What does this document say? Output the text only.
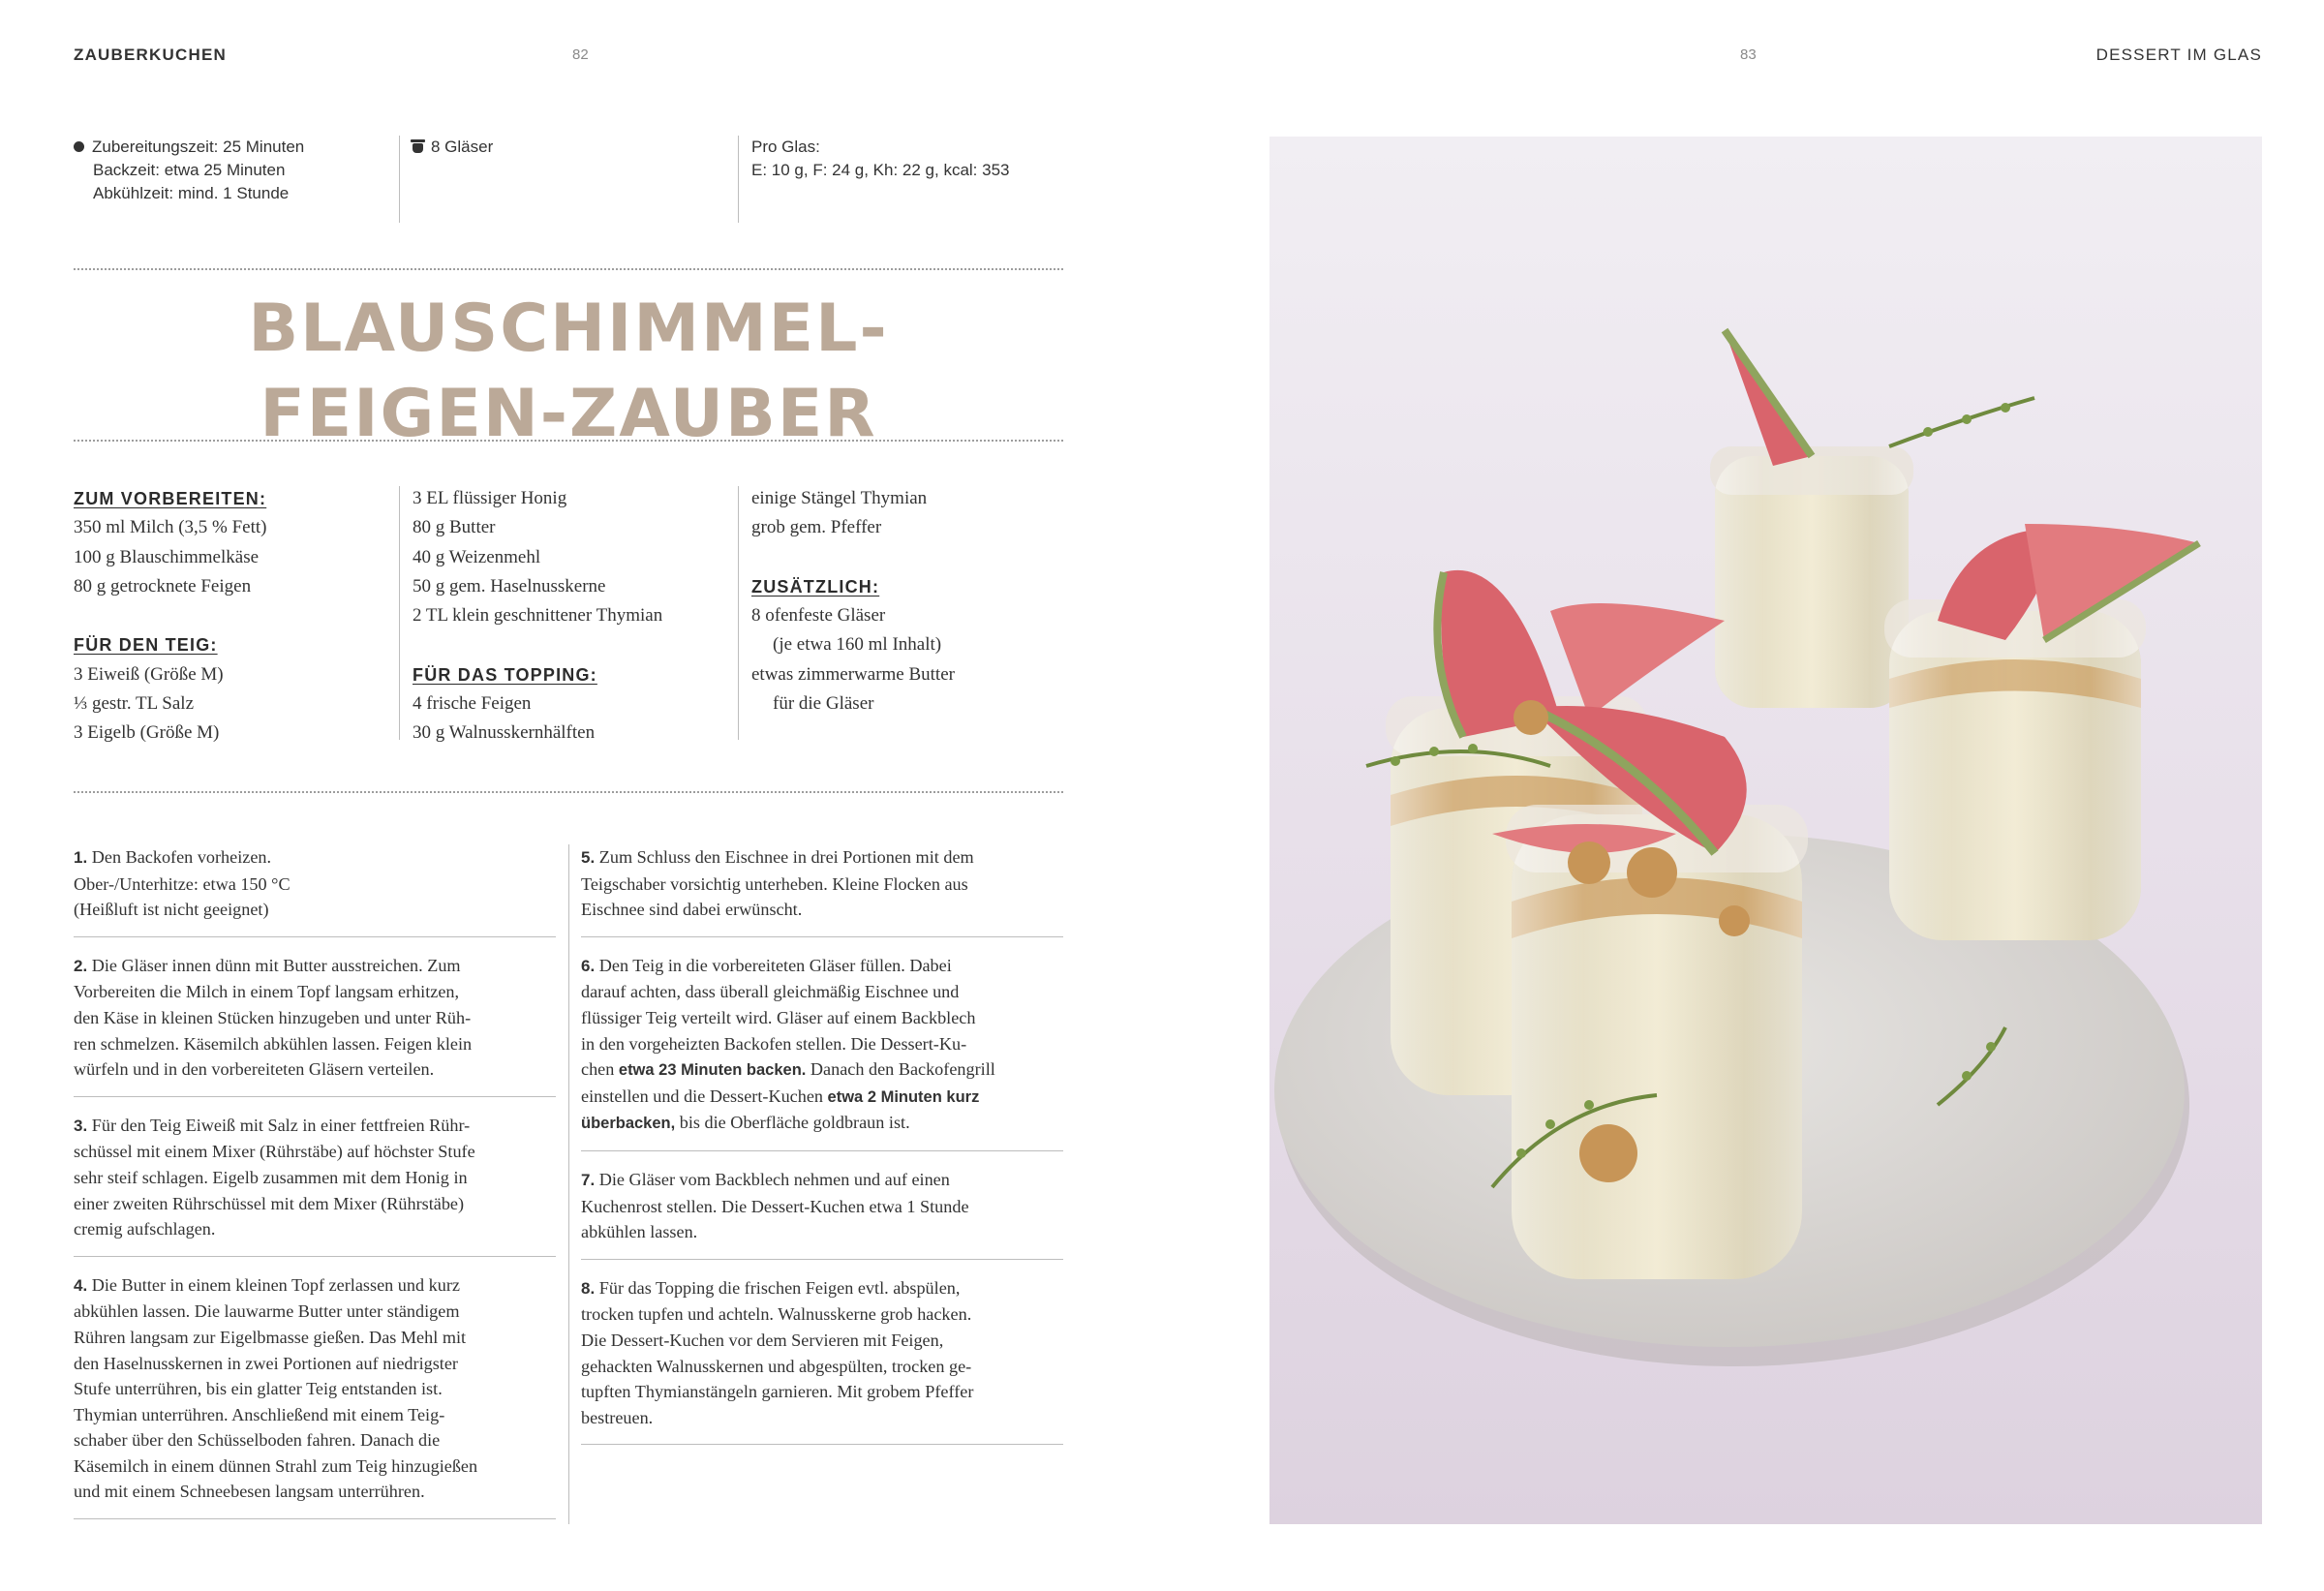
ZAUBERKUCHEN	82	83	DESSERT IM GLAS
Zubereitungszeit: 25 Minuten
Backzeit: etwa 25 Minuten
Abkühlzeit: mind. 1 Stunde
8 Gläser	Pro Glas:
E: 10 g, F: 24 g, Kh: 22 g, kcal: 353
BLAUSCHIMMEL-
FEIGEN-ZAUBER
ZUM VORBEREITEN:
350 ml Milch (3,5 % Fett)
100 g Blauschimmelkäse
80 g getrocknete Feigen
FÜR DEN TEIG:
3 Eiweiß (Größe M)
⅓ gestr. TL Salz
3 Eigelb (Größe M)
3 EL flüssiger Honig
80 g Butter
40 g Weizenmehl
50 g gem. Haselnusskerne
2 TL klein geschnittener Thymian
FÜR DAS TOPPING:
4 frische Feigen
30 g Walnusskernhälften
einige Stängel Thymian
grob gem. Pfeffer
ZUSÄTZLICH:
8 ofenfeste Gläser
(je etwa 160 ml Inhalt)
etwas zimmerwarme Butter
für die Gläser

1. Den Backofen vorheizen.
Ober-/Unterhitze: etwa 150 °C
(Heißluft ist nicht geeignet)

2. Die Gläser innen dünn mit Butter ausstreichen. Zum
Vorbereiten die Milch in einem Topf langsam erhitzen,
den Käse in kleinen Stücken hinzugeben und unter Rüh-
ren schmelzen. Käsemilch abkühlen lassen. Feigen klein
würfeln und in den vorbereiteten Gläsern verteilen.

3. Für den Teig Eiweiß mit Salz in einer fettfreien Rühr-
schüssel mit einem Mixer (Rührstäbe) auf höchster Stufe
sehr steif schlagen. Eigelb zusammen mit dem Honig in
einer zweiten Rührschüssel mit dem Mixer (Rührstäbe)
cremig aufschlagen.

4. Die Butter in einem kleinen Topf zerlassen und kurz
abkühlen lassen. Die lauwarme Butter unter ständigem
Rühren langsam zur Eigelbmasse gießen. Das Mehl mit
den Haselnusskernen in zwei Portionen auf niedrigster
Stufe unterrühren, bis ein glatter Teig entstanden ist.
Thymian unterrühren. Anschließend mit einem Teig-
schaber über den Schüsselboden fahren. Danach die
Käsemilch in einem dünnen Strahl zum Teig hinzugießen
und mit einem Schneebesen langsam unterrühren.

5. Zum Schluss den Eischnee in drei Portionen mit dem
Teigschaber vorsichtig unterheben. Kleine Flocken aus
Eischnee sind dabei erwünscht.

6. Den Teig in die vorbereiteten Gläser füllen. Dabei
darauf achten, dass überall gleichmäßig Eischnee und
flüssiger Teig verteilt wird. Gläser auf einem Backblech
in den vorgeheizten Backofen stellen. Die Dessert-Ku-
chen etwa 23 Minuten backen. Danach den Backofengrill
einstellen und die Dessert-Kuchen etwa 2 Minuten kurz
überbacken, bis die Oberfläche goldbraun ist.

7. Die Gläser vom Backblech nehmen und auf einen
Kuchenrost stellen. Die Dessert-Kuchen etwa 1 Stunde
abkühlen lassen.

8. Für das Topping die frischen Feigen evtl. abspülen,
trocken tupfen und achteln. Walnusskerne grob hacken.
Die Dessert-Kuchen vor dem Servieren mit Feigen,
gehackten Walnusskernen und abgespülten, trocken ge-
tupften Thymianstängeln garnieren. Mit grobem Pfeffer
bestreuen.
